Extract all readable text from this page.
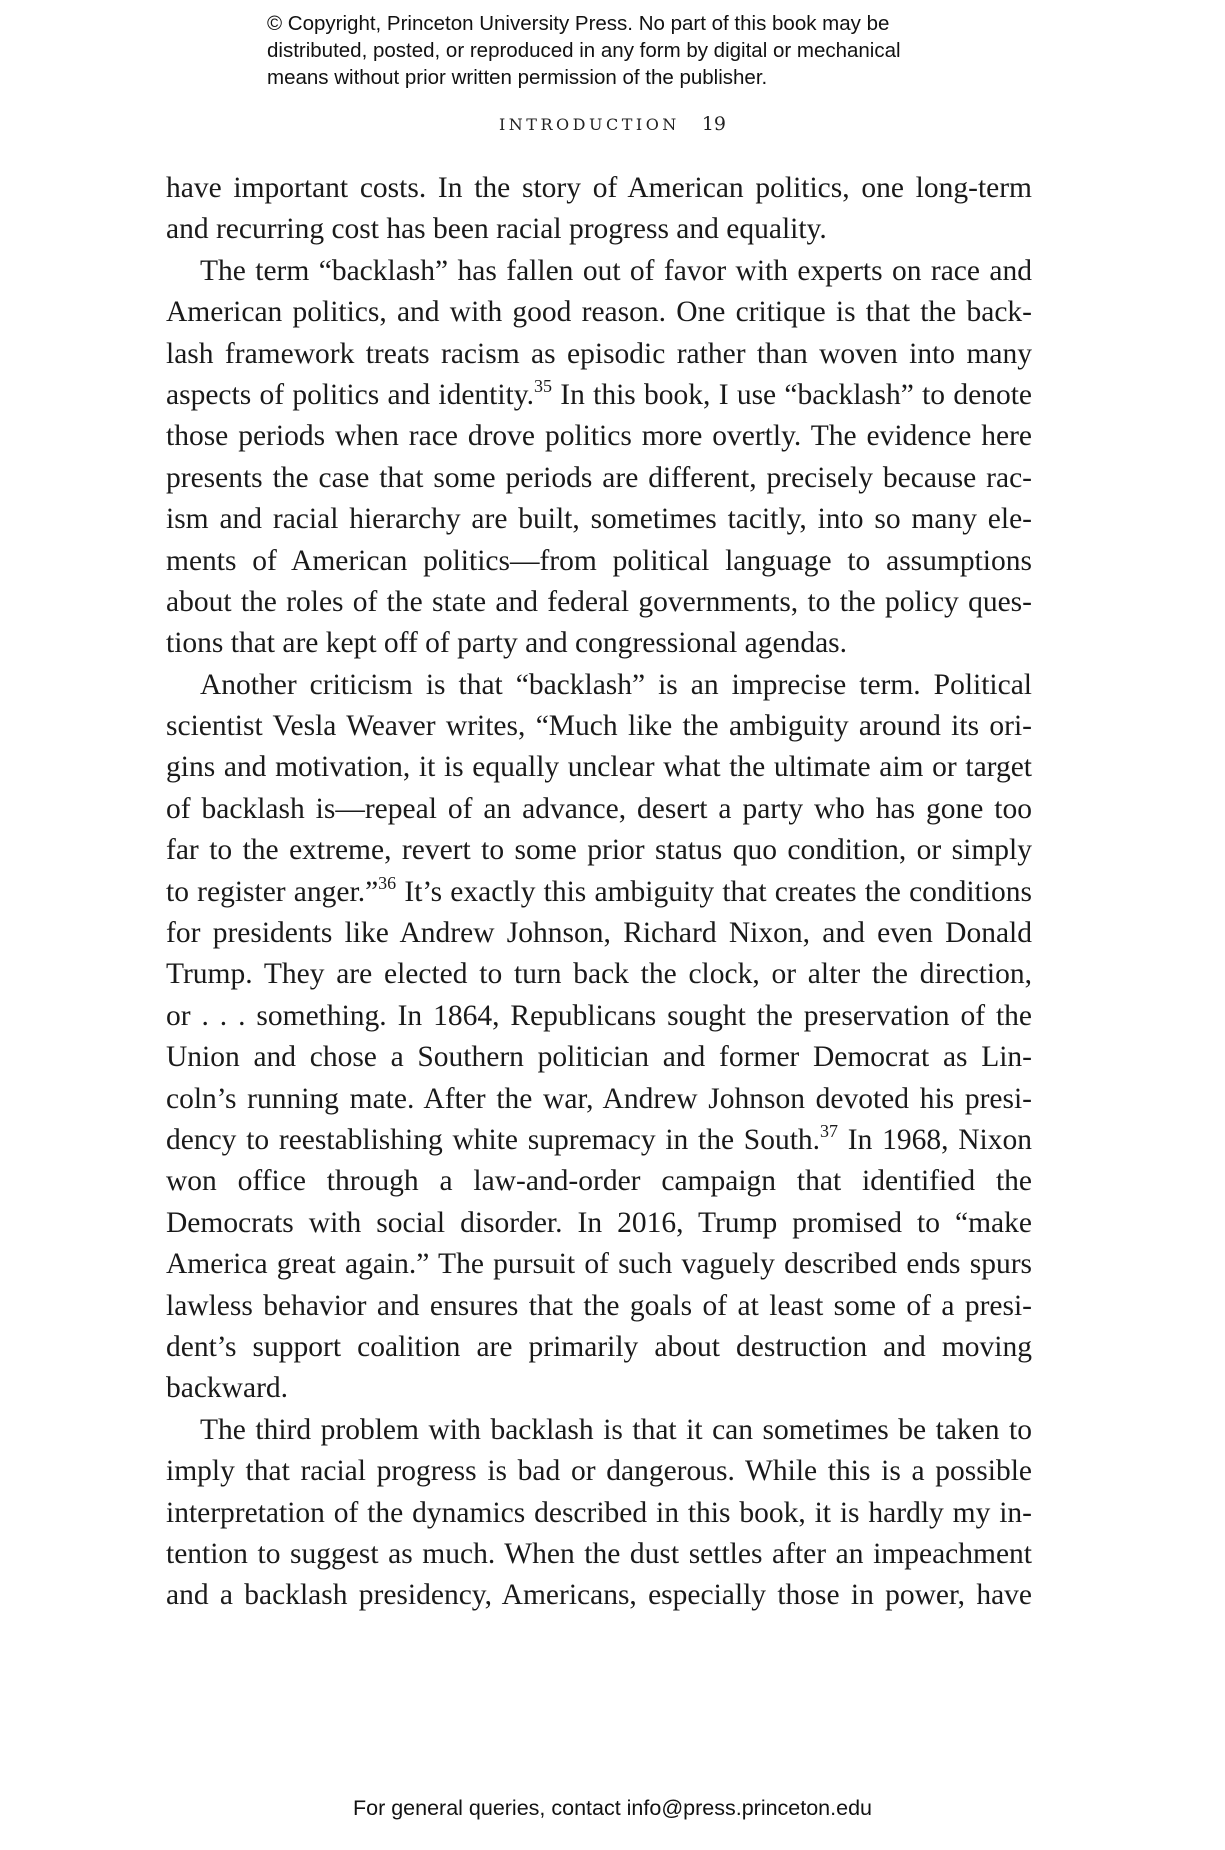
© Copyright, Princeton University Press. No part of this book may be
distributed, posted, or reproduced in any form by digital or mechanical
means without prior written permission of the publisher.
INTRODUCTION 19
have important costs. In the story of American politics, one long-term
and recurring cost has been racial progress and equality.
The term “backlash” has fallen out of favor with experts on race and
American politics, and with good reason. One critique is that the back-
lash framework treats racism as episodic rather than woven into many
aspects of politics and identity.$^{35}$ In this book, I use “backlash” to denote
those periods when race drove politics more overtly. The evidence here
presents the case that some periods are different, precisely because rac-
ism and racial hierarchy are built, sometimes tacitly, into so many ele-
ments of American politics—from political language to assumptions
about the roles of the state and federal governments, to the policy ques-
tions that are kept off of party and congressional agendas.
Another criticism is that “backlash” is an imprecise term. Political
scientist Vesla Weaver writes, “Much like the ambiguity around its ori-
gins and motivation, it is equally unclear what the ultimate aim or target
of backlash is—repeal of an advance, desert a party who has gone too
far to the extreme, revert to some prior status quo condition, or simply
to register anger.”$^{36}$ It’s exactly this ambiguity that creates the conditions
for presidents like Andrew Johnson, Richard Nixon, and even Donald
Trump. They are elected to turn back the clock, or alter the direction,
or . . . something. In 1864, Republicans sought the preservation of the
Union and chose a Southern politician and former Democrat as Lin-
coln’s running mate. After the war, Andrew Johnson devoted his presi-
dency to reestablishing white supremacy in the South.$^{37}$ In 1968, Nixon
won office through a law-and-order campaign that identified the
Democrats with social disorder. In 2016, Trump promised to “make
America great again.” The pursuit of such vaguely described ends spurs
lawless behavior and ensures that the goals of at least some of a presi-
dent’s support coalition are primarily about destruction and moving
backward.
The third problem with backlash is that it can sometimes be taken to
imply that racial progress is bad or dangerous. While this is a possible
interpretation of the dynamics described in this book, it is hardly my in-
tention to suggest as much. When the dust settles after an impeachment
and a backlash presidency, Americans, especially those in power, have
For general queries, contact info@press.princeton.edu
